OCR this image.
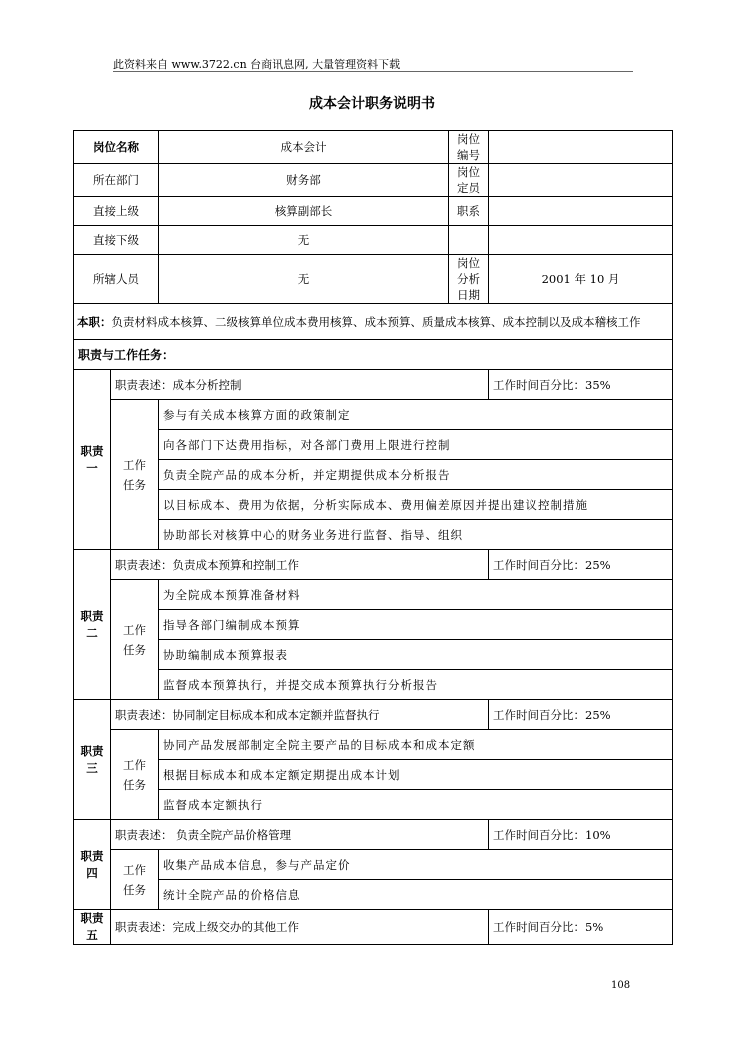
此资料来自 www.3722.cn 台商讯息网, 大量管理资料下载
成本会计职务说明书
岗位名称		成本会计	岗位编号	
所在部门		财务部	岗位定员	
直接上级		核算副部长	职系	
直接下级		无		
所辖人员		无	岗位分析日期	2001 年 10 月
本职：负责材料成本核算、二级核算单位成本费用核算、成本预算、质量成本核算、成本控制以及成本稽核工作				
职责与工作任务：				
职责
一	职责表述：成本分析控制			工作时间百分比：35%
	工作
任务	参与有关成本核算方面的政策制定		
		向各部门下达费用指标，对各部门费用上限进行控制		
		负责全院产品的成本分析，并定期提供成本分析报告		
		以目标成本、费用为依据，分析实际成本、费用偏差原因并提出建议控制措施		
		协助部长对核算中心的财务业务进行监督、指导、组织		
职责
二	职责表述：负责成本预算和控制工作			工作时间百分比：25%
	工作
任务	为全院成本预算准备材料		
		指导各部门编制成本预算		
		协助编制成本预算报表		
		监督成本预算执行，并提交成本预算执行分析报告		
职责
三	职责表述：协同制定目标成本和成本定额并监督执行			工作时间百分比：25%
	工作
任务	协同产品发展部制定全院主要产品的目标成本和成本定额		
		根据目标成本和成本定额定期提出成本计划		
		监督成本定额执行		
职责
四	职责表述： 负责全院产品价格管理			工作时间百分比：10%
	工作
任务	收集产品成本信息，参与产品定价		
		统计全院产品的价格信息		
职责
五	职责表述：完成上级交办的其他工作			工作时间百分比：5%
108
